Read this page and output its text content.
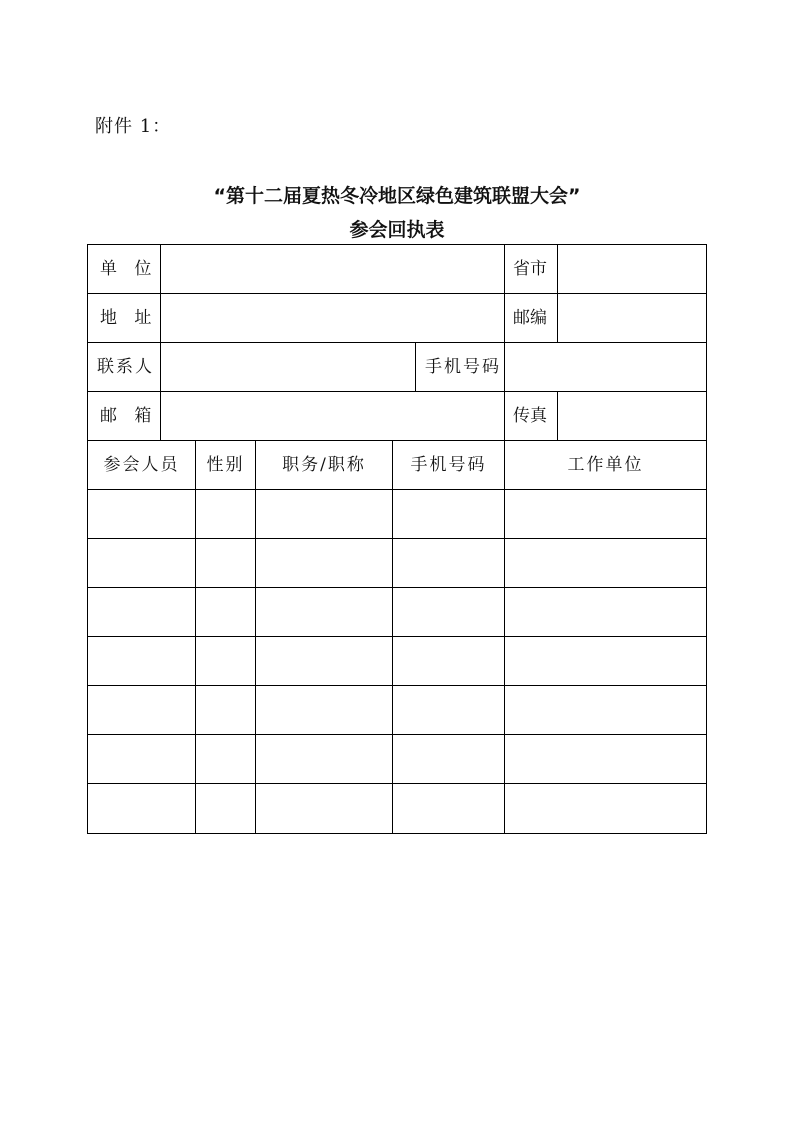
附件 1：
“第十二届夏热冬冷地区绿色建筑联盟大会”
参会回执表
单 位	省市
地 址	邮编
联系人	手机号码
邮 箱	传真
参会人员	性别	职务/职称	手机号码	工作单位
